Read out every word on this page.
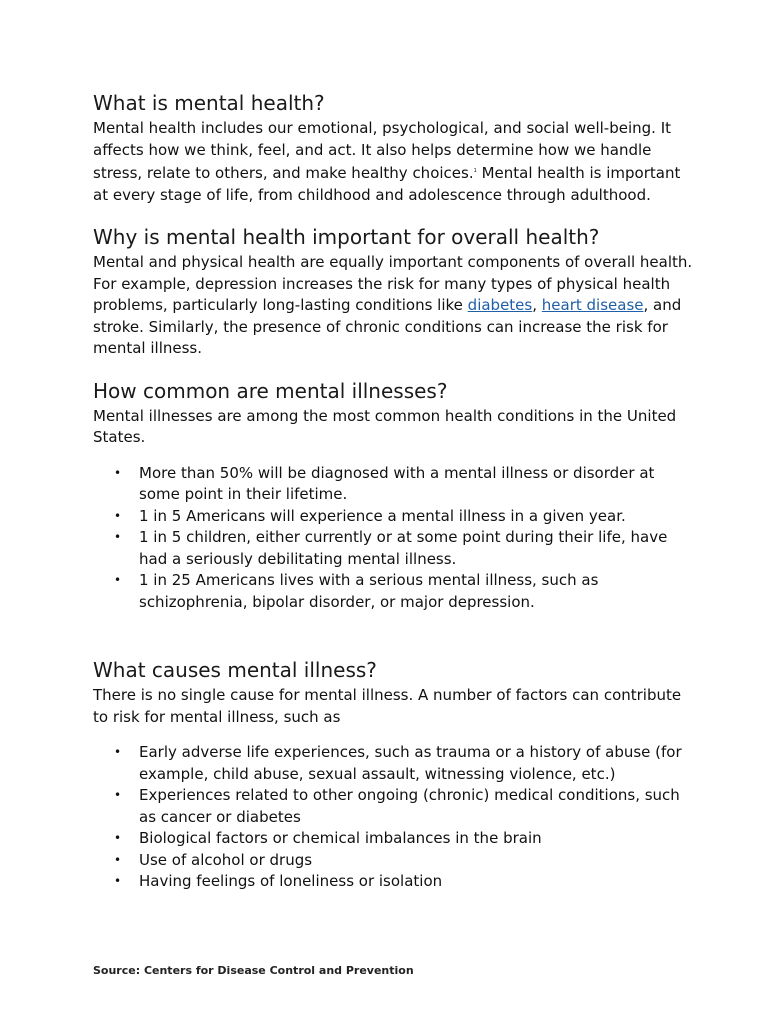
What is mental health?

Mental health includes our emotional, psychological, and social well-being. It affects how we think, feel, and act. It also helps determine how we handle stress, relate to others, and make healthy choices.$^1$ Mental health is important at every stage of life, from childhood and adolescence through adulthood.

Why is mental health important for overall health?

Mental and physical health are equally important components of overall health. For example, depression increases the risk for many types of physical health problems, particularly long-lasting conditions like diabetes, heart disease, and stroke. Similarly, the presence of chronic conditions can increase the risk for mental illness.

How common are mental illnesses?

Mental illnesses are among the most common health conditions in the United States.

• More than 50% will be diagnosed with a mental illness or disorder at some point in their lifetime.
• 1 in 5 Americans will experience a mental illness in a given year.
• 1 in 5 children, either currently or at some point during their life, have had a seriously debilitating mental illness.
• 1 in 25 Americans lives with a serious mental illness, such as schizophrenia, bipolar disorder, or major depression.
What causes mental illness?

There is no single cause for mental illness. A number of factors can contribute to risk for mental illness, such as

• Early adverse life experiences, such as trauma or a history of abuse (for example, child abuse, sexual assault, witnessing violence, etc.)
• Experiences related to other ongoing (chronic) medical conditions, such as cancer or diabetes
• Biological factors or chemical imbalances in the brain
• Use of alcohol or drugs
• Having feelings of loneliness or isolation
Source: Centers for Disease Control and Prevention
